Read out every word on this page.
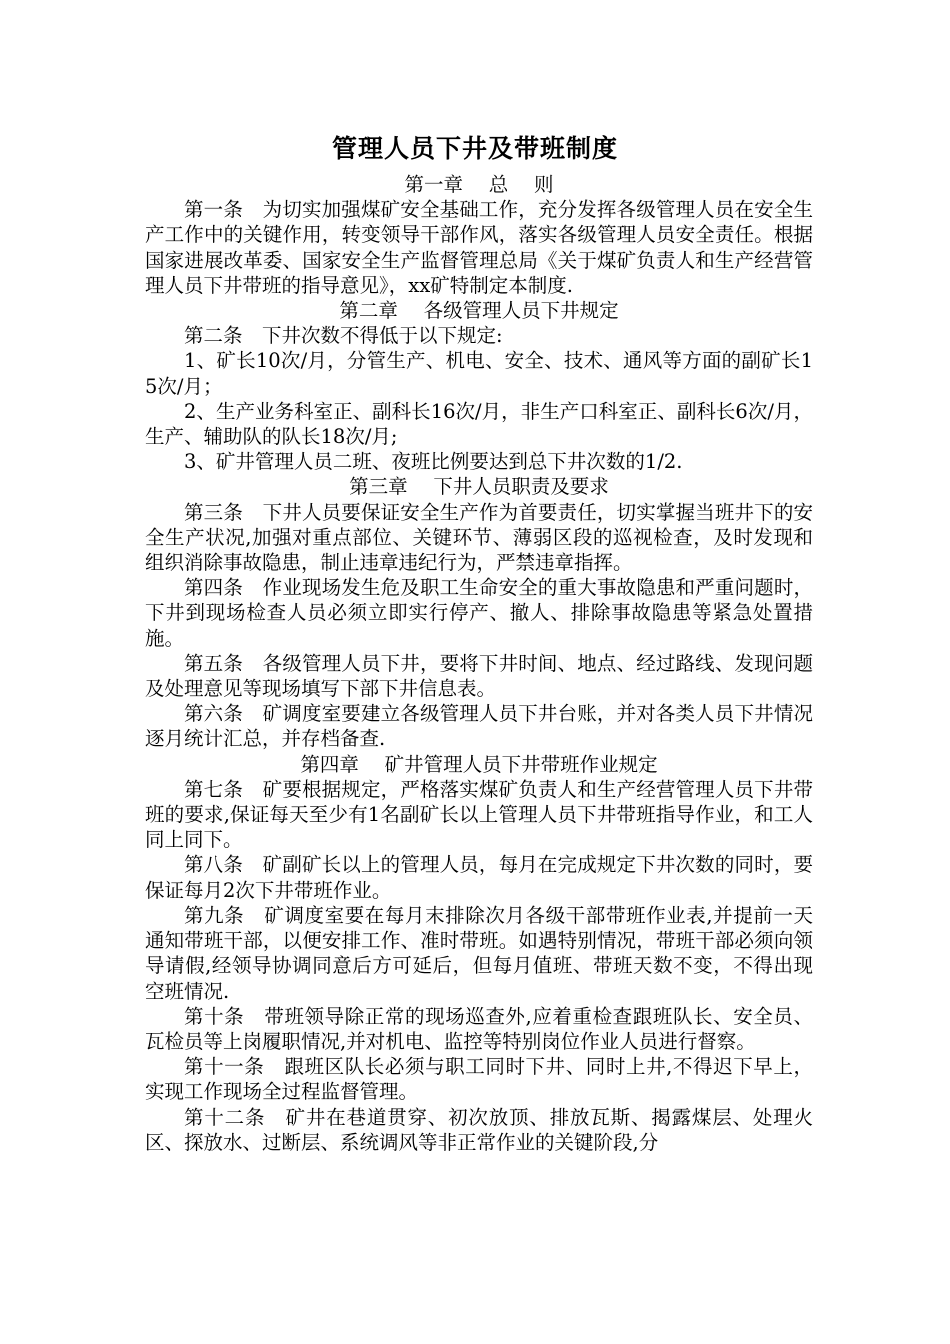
管理人员下井及带班制度

第一章　 总　 则

第一条　为切实加强煤矿安全基础工作，充分发挥各级管理人员在安全生产工作中的关键作用，转变领导干部作风，落实各级管理人员安全责任。根据国家进展改革委、国家安全生产监督管理总局《关于煤矿负责人和生产经营管理人员下井带班的指导意见》，xx矿特制定本制度.

第二章　 各级管理人员下井规定

第二条　下井次数不得低于以下规定:

1、矿长10次/月，分管生产、机电、安全、技术、通风等方面的副矿长15次/月；

2、生产业务科室正、副科长16次/月，非生产口科室正、副科长6次/月，生产、辅助队的队长18次/月;

3、矿井管理人员二班、夜班比例要达到总下井次数的1/2.

第三章　 下井人员职责及要求

第三条　下井人员要保证安全生产作为首要责任，切实掌握当班井下的安全生产状况,加强对重点部位、关键环节、薄弱区段的巡视检查，及时发现和组织消除事故隐患，制止违章违纪行为，严禁违章指挥。

第四条　作业现场发生危及职工生命安全的重大事故隐患和严重问题时，下井到现场检查人员必须立即实行停产、撤人、排除事故隐患等紧急处置措施。

第五条　各级管理人员下井，要将下井时间、地点、经过路线、发现问题及处理意见等现场填写下部下井信息表。

第六条　矿调度室要建立各级管理人员下井台账，并对各类人员下井情况逐月统计汇总，并存档备查.

第四章　 矿井管理人员下井带班作业规定

第七条　矿要根据规定，严格落实煤矿负责人和生产经营管理人员下井带班的要求,保证每天至少有1名副矿长以上管理人员下井带班指导作业，和工人同上同下。

第八条　矿副矿长以上的管理人员，每月在完成规定下井次数的同时，要保证每月2次下井带班作业。

第九条　矿调度室要在每月末排除次月各级干部带班作业表,并提前一天通知带班干部，以便安排工作、准时带班。如遇特别情况，带班干部必须向领导请假,经领导协调同意后方可延后，但每月值班、带班天数不变，不得出现空班情况.

第十条　带班领导除正常的现场巡查外,应着重检查跟班队长、安全员、瓦检员等上岗履职情况,并对机电、监控等特别岗位作业人员进行督察。

第十一条　跟班区队长必须与职工同时下井、同时上井,不得迟下早上，实现工作现场全过程监督管理。

第十二条　矿井在巷道贯穿、初次放顶、排放瓦斯、揭露煤层、处理火区、探放水、过断层、系统调风等非正常作业的关键阶段,分
